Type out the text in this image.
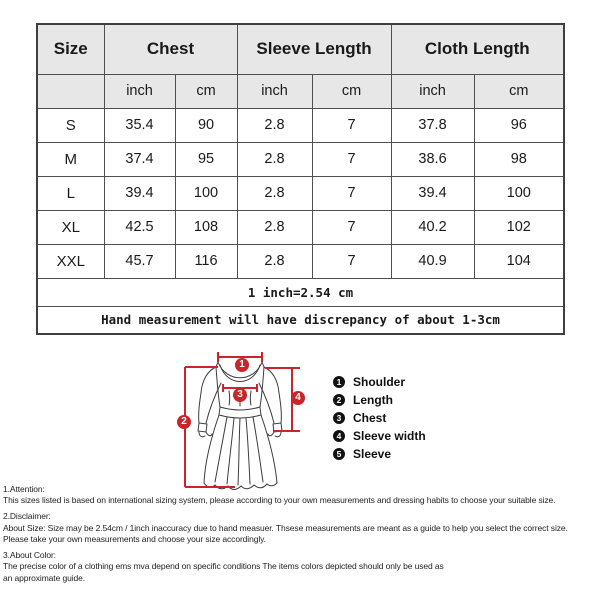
Size	Chest		Sleeve Length		Cloth Length	
	inch	cm	inch	cm	inch	cm
S	35.4	90	2.8	7	37.8	96
M	37.4	95	2.8	7	38.6	98
L	39.4	100	2.8	7	39.4	100
XL	42.5	108	2.8	7	40.2	102
XXL	45.7	116	2.8	7	40.9	104
1 inch=2.54 cm						
Hand measurement will have discrepancy of about 1-3cm						
1
2
3	4
1 Shoulder
2 Length
3 Chest
4 Sleeve width
5 Sleeve
1.Attention:
This sizes listed is based on international sizing system, please according to your own measurements and dressing habits to choose your suitable size.
2.Disclaimer:
About Size: Size may be 2.54cm / 1inch inaccuracy due to hand measuer. Thsese measurements are meant as a guide to help you select the correct size.
Please take your own measurements and choose your size accordingly.
3.About Color:
The precise color of a clothing ems mva depend on specific conditions The items colors depicted should only be used as
an approximate guide.
